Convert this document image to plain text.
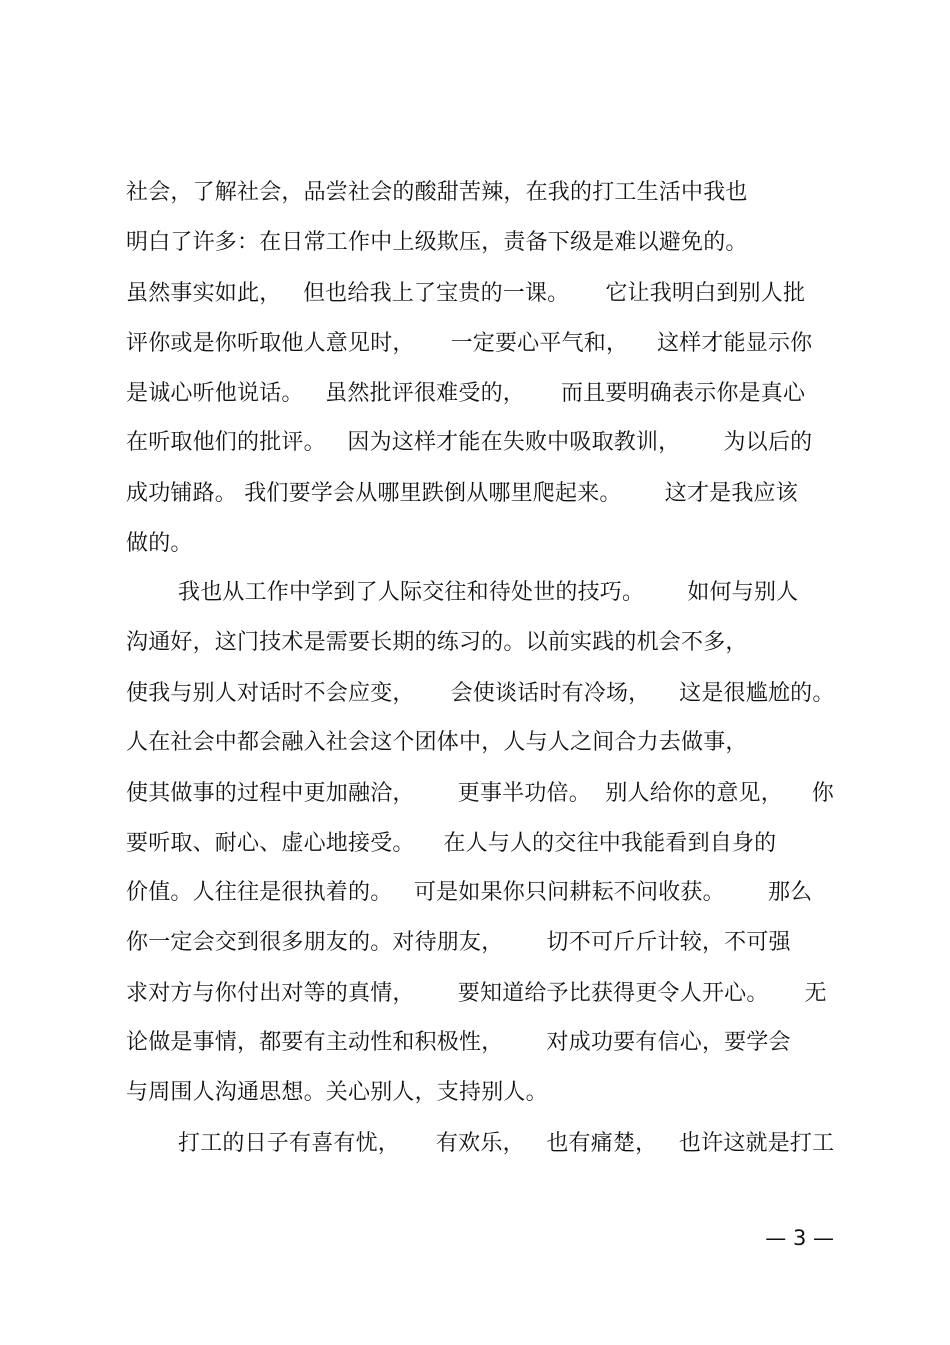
社会，了解社会，品尝社会的酸甜苦辣，在我的打工生活中我也
明白了许多：在日常工作中上级欺压，责备下级是难以避免的。
虽然事实如此，   但也给我上了宝贵的一课。     它让我明白到别人批
评你或是你听取他人意见时，     一定要心平气和，    这样才能显示你
是诚心听他说话。   虽然批评很难受的，     而且要明确表示你是真心
在听取他们的批评。   因为这样才能在失败中吸取教训，      为以后的
成功铺路。 我们要学会从哪里跌倒从哪里爬起来。      这才是我应该
做的。
我也从工作中学到了人际交往和待处世的技巧。      如何与别人
沟通好，这门技术是需要长期的练习的。以前实践的机会不多，
使我与别人对话时不会应变，     会使谈话时有冷场，    这是很尴尬的。
人在社会中都会融入社会这个团体中，人与人之间合力去做事，
使其做事的过程中更加融洽，      更事半功倍。  别人给你的意见，    你
要听取、耐心、虚心地接受。    在人与人的交往中我能看到自身的
价值。人往往是很执着的。   可是如果你只问耕耘不问收获。      那么
你一定会交到很多朋友的。对待朋友，      切不可斤斤计较，不可强
求对方与你付出对等的真情，      要知道给予比获得更令人开心。     无
论做是事情，都要有主动性和积极性，      对成功要有信心，要学会
与周围人沟通思想。关心别人，支持别人。
打工的日子有喜有忧，     有欢乐，   也有痛楚，   也许这就是打工
— 3 —
